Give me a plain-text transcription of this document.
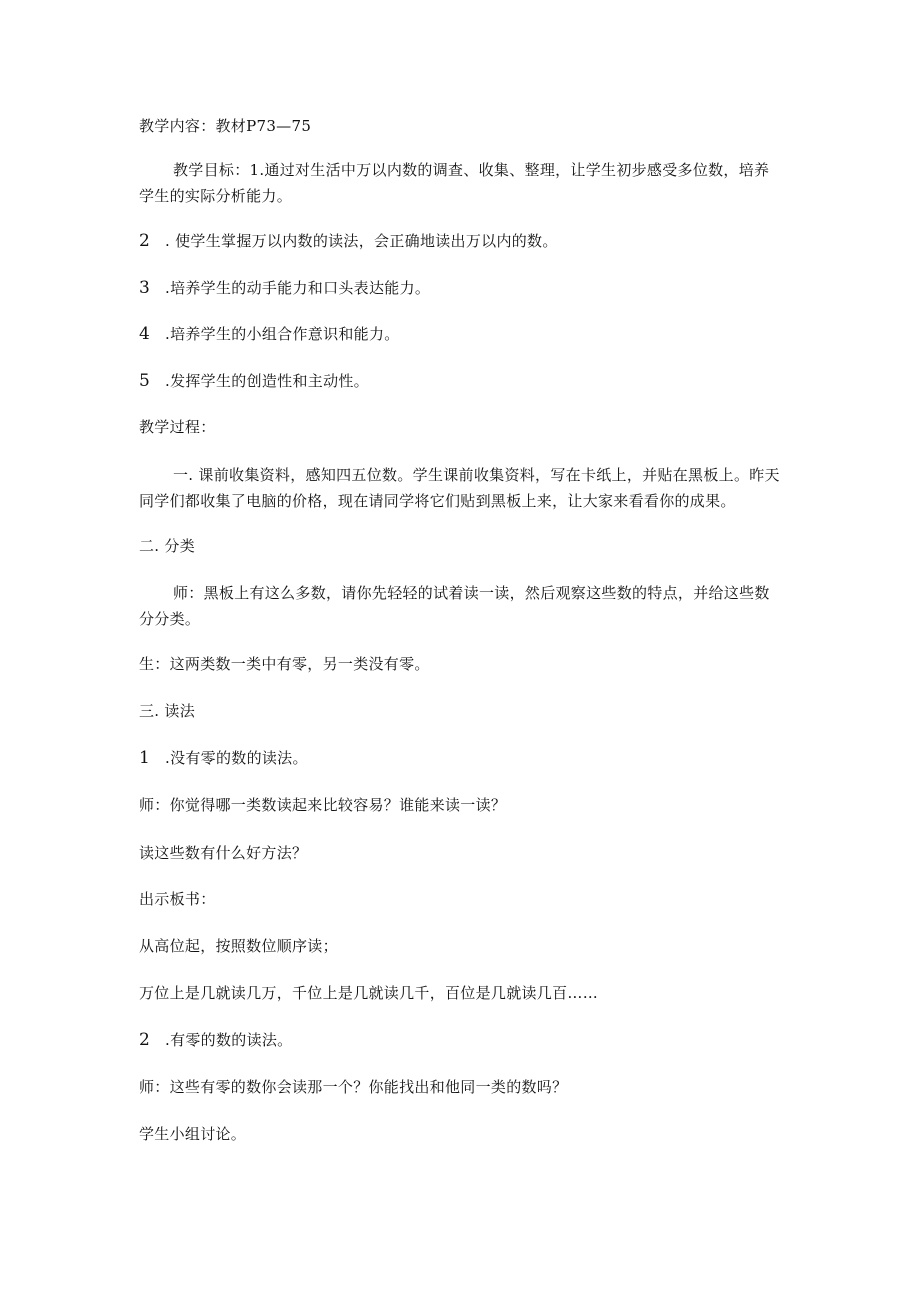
教学内容：教材P73—75
教学目标：1.通过对生活中万以内数的调查、收集、整理，让学生初步感受多位数，培养学生的实际分析能力。
2 . 使学生掌握万以内数的读法，会正确地读出万以内的数。
3 .培养学生的动手能力和口头表达能力。
4 .培养学生的小组合作意识和能力。
5 .发挥学生的创造性和主动性。
教学过程：
一. 课前收集资料，感知四五位数。学生课前收集资料，写在卡纸上，并贴在黑板上。昨天同学们都收集了电脑的价格，现在请同学将它们贴到黑板上来，让大家来看看你的成果。
二. 分类
师：黑板上有这么多数，请你先轻轻的试着读一读，然后观察这些数的特点，并给这些数分分类。
生：这两类数一类中有零，另一类没有零。
三. 读法
1 .没有零的数的读法。
师：你觉得哪一类数读起来比较容易？谁能来读一读？
读这些数有什么好方法？
出示板书：
从高位起，按照数位顺序读；
万位上是几就读几万，千位上是几就读几千，百位是几就读几百……
2 .有零的数的读法。
师：这些有零的数你会读那一个？你能找出和他同一类的数吗？
学生小组讨论。
